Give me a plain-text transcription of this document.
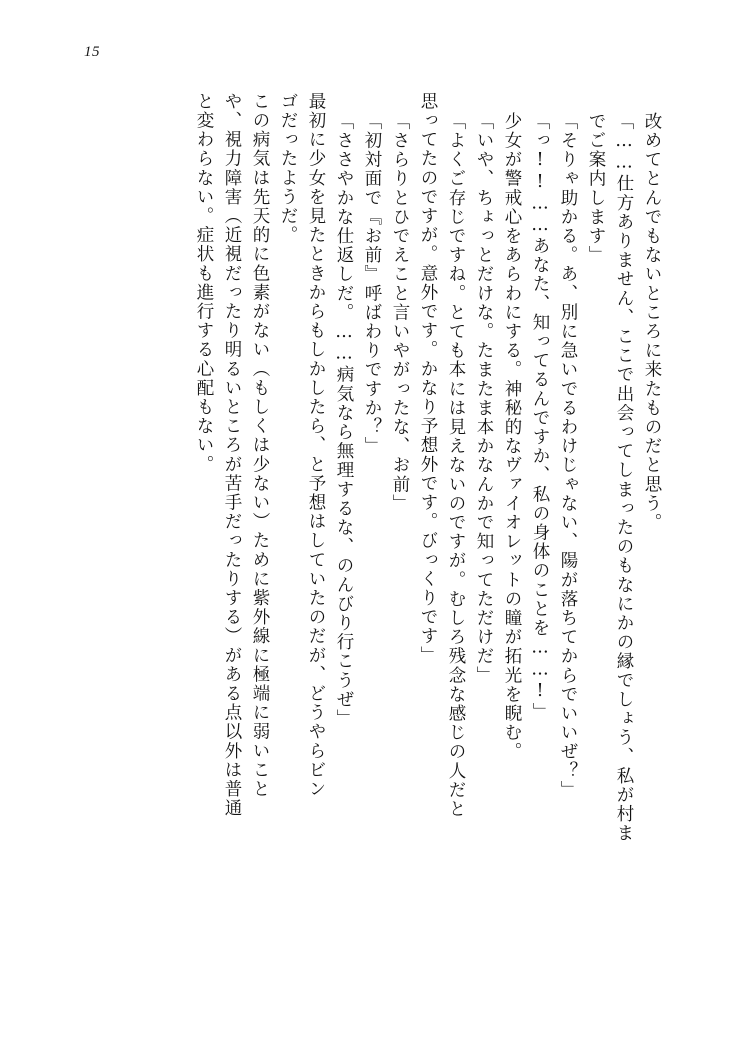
15
と変わらない。症状も進行する心配もない。 や、視力障害（近視だったり明るいところが苦手だったりする）がある点以外は普通 この病気は先天的に色素がない（もしくは少ない）ために紫外線に極端に弱いこと ゴだったようだ。 最初に少女を見たときからもしかしたら、と予想はしていたのだが、どうやらビン 「ささやかな仕返しだ。……病気なら無理するな、のんびり行こうぜ」 「初対面で『お前』呼ばわりですか？」 「さらりとひでえこと言いやがったな、お前」 思ってたのですが。意外です。かなり予想外です。びっくりです」 「よくご存じですね。とても本には見えないのですが。むしろ残念な感じの人だと 「いや、ちょっとだけな。たまたま本かなんかで知ってただけだ」 少女が警戒心をあらわにする。神秘的なヴァイオレットの瞳が拓光を睨む。 「っ!!……あなた、知ってるんですか、私の身体のことを……!」 「そりゃ助かる。あ、別に急いでるわけじゃない、陽が落ちてからでいいぜ？」 でご案内します」 「……仕方ありません、ここで出会ってしまったのもなにかの縁でしょう、私が村ま 改めてとんでもないところに来たものだと思う。
